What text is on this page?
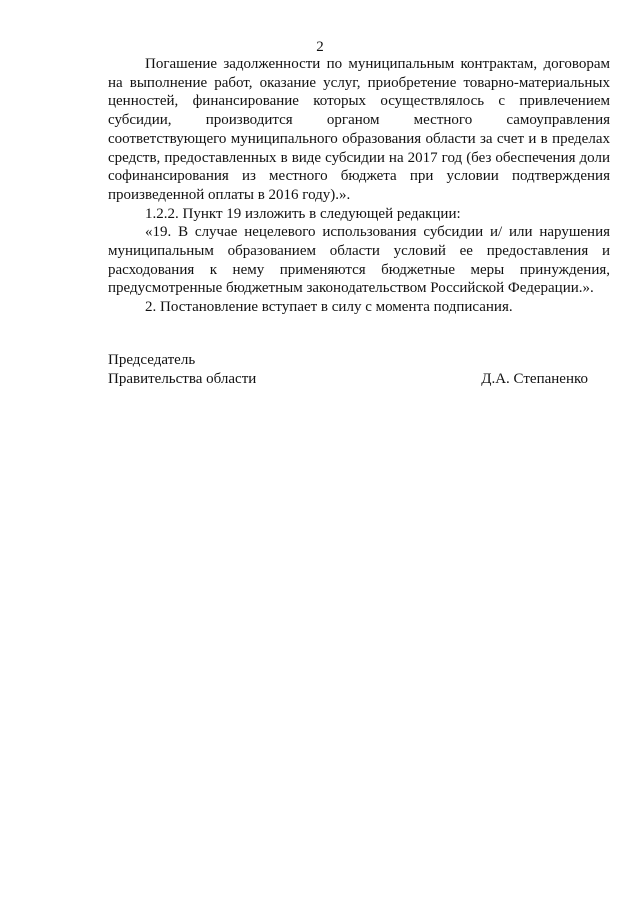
2

Погашение задолженности по муниципальным контрактам, договорам на выполнение работ, оказание услуг, приобретение товарно-материальных ценностей, финансирование которых осуществлялось с привлечением субсидии, производится органом местного самоуправления соответствующего муниципального образования области за счет и в пределах средств, предоставленных в виде субсидии на 2017 год (без обеспечения доли софинансирования из местного бюджета при условии подтверждения произведенной оплаты в 2016 году).».

1.2.2. Пункт 19 изложить в следующей редакции:

«19. В случае нецелевого использования субсидии и/ или нарушения муниципальным образованием области условий ее предоставления и расходования к нему применяются бюджетные меры принуждения, предусмотренные бюджетным законодательством Российской Федерации.».

2. Постановление вступает в силу с момента подписания.

Председатель
Правительства области	Д.А. Степаненко
